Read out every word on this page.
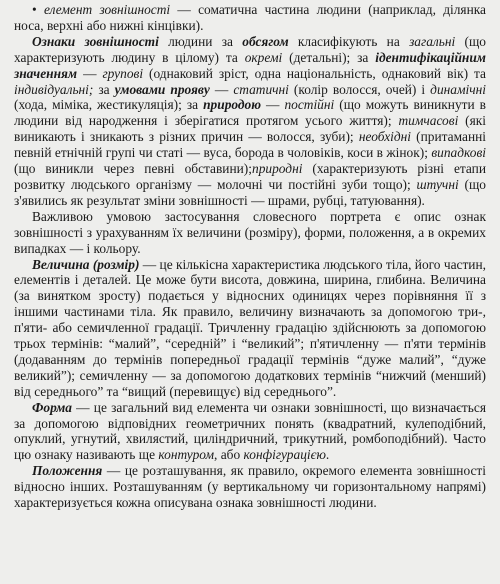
• елемент зовнішності — соматична частина людини (наприклад, ділянка носа, верхні або нижні кінцівки).

Ознаки зовнішності людини за обсягом класифікують на загальні (що характеризують людину в цілому) та окремі (детальні); за ідентифікаційним значенням — групові (однаковий зріст, одна національність, однаковий вік) та індивідуальні; за умовами прояву — статичні (колір волосся, очей) і динамічні (хода, міміка, жестикуляція); за природою — постійні (що можуть виникнути в людини від народження і зберігатися протягом усього життя); тимчасові (які виникають і зникають з різних причин — волосся, зуби); необхідні (притаманні певній етнічній групі чи статі — вуса, борода в чоловіків, коси в жінок); випадкові (що виникли через певні обставини);природні (характеризують різні етапи розвитку людського організму — молочні чи постійні зуби тощо); штучні (що з'явились як результат зміни зовнішності — шрами, рубці, татуювання).

Важливою умовою застосування словесного портрета є опис ознак зовнішності з урахуванням їх величини (розміру), форми, положення, а в окремих випадках — і кольору.

Величина (розмір) — це кількісна характеристика людського тіла, його частин, елементів і деталей. Це може бути висота, довжина, ширина, глибина. Величина (за винятком зросту) подається у відносних одиницях через порівняння її з іншими частинами тіла. Як правило, величину визначають за допомогою три-, п'яти- або семичленної градації. Тричленну градацію здійснюють за допомогою трьох термінів: “малий”, “середній” і “великий”; п'ятичленну — п'яти термінів (додаванням до термінів попередньої градації термінів “дуже малий”, “дуже великий”); семичленну — за допомогою додаткових термінів “нижчий (менший) від середнього” та “вищий (перевищує) від середнього”.

Форма — це загальний вид елемента чи ознаки зовнішності, що визначається за допомогою відповідних геометричних понять (квадратний, кулеподібний, опуклий, угнутий, хвилястий, циліндричний, трикутний, ромбоподібний). Часто цю ознаку називають ще контуром, або конфігурацією.

Положення — це розташування, як правило, окремого елемента зовнішності відносно інших. Розташуванням (у вертикальному чи горизонтальному напрямі) характеризується кожна описувана ознака зовнішності людини.
